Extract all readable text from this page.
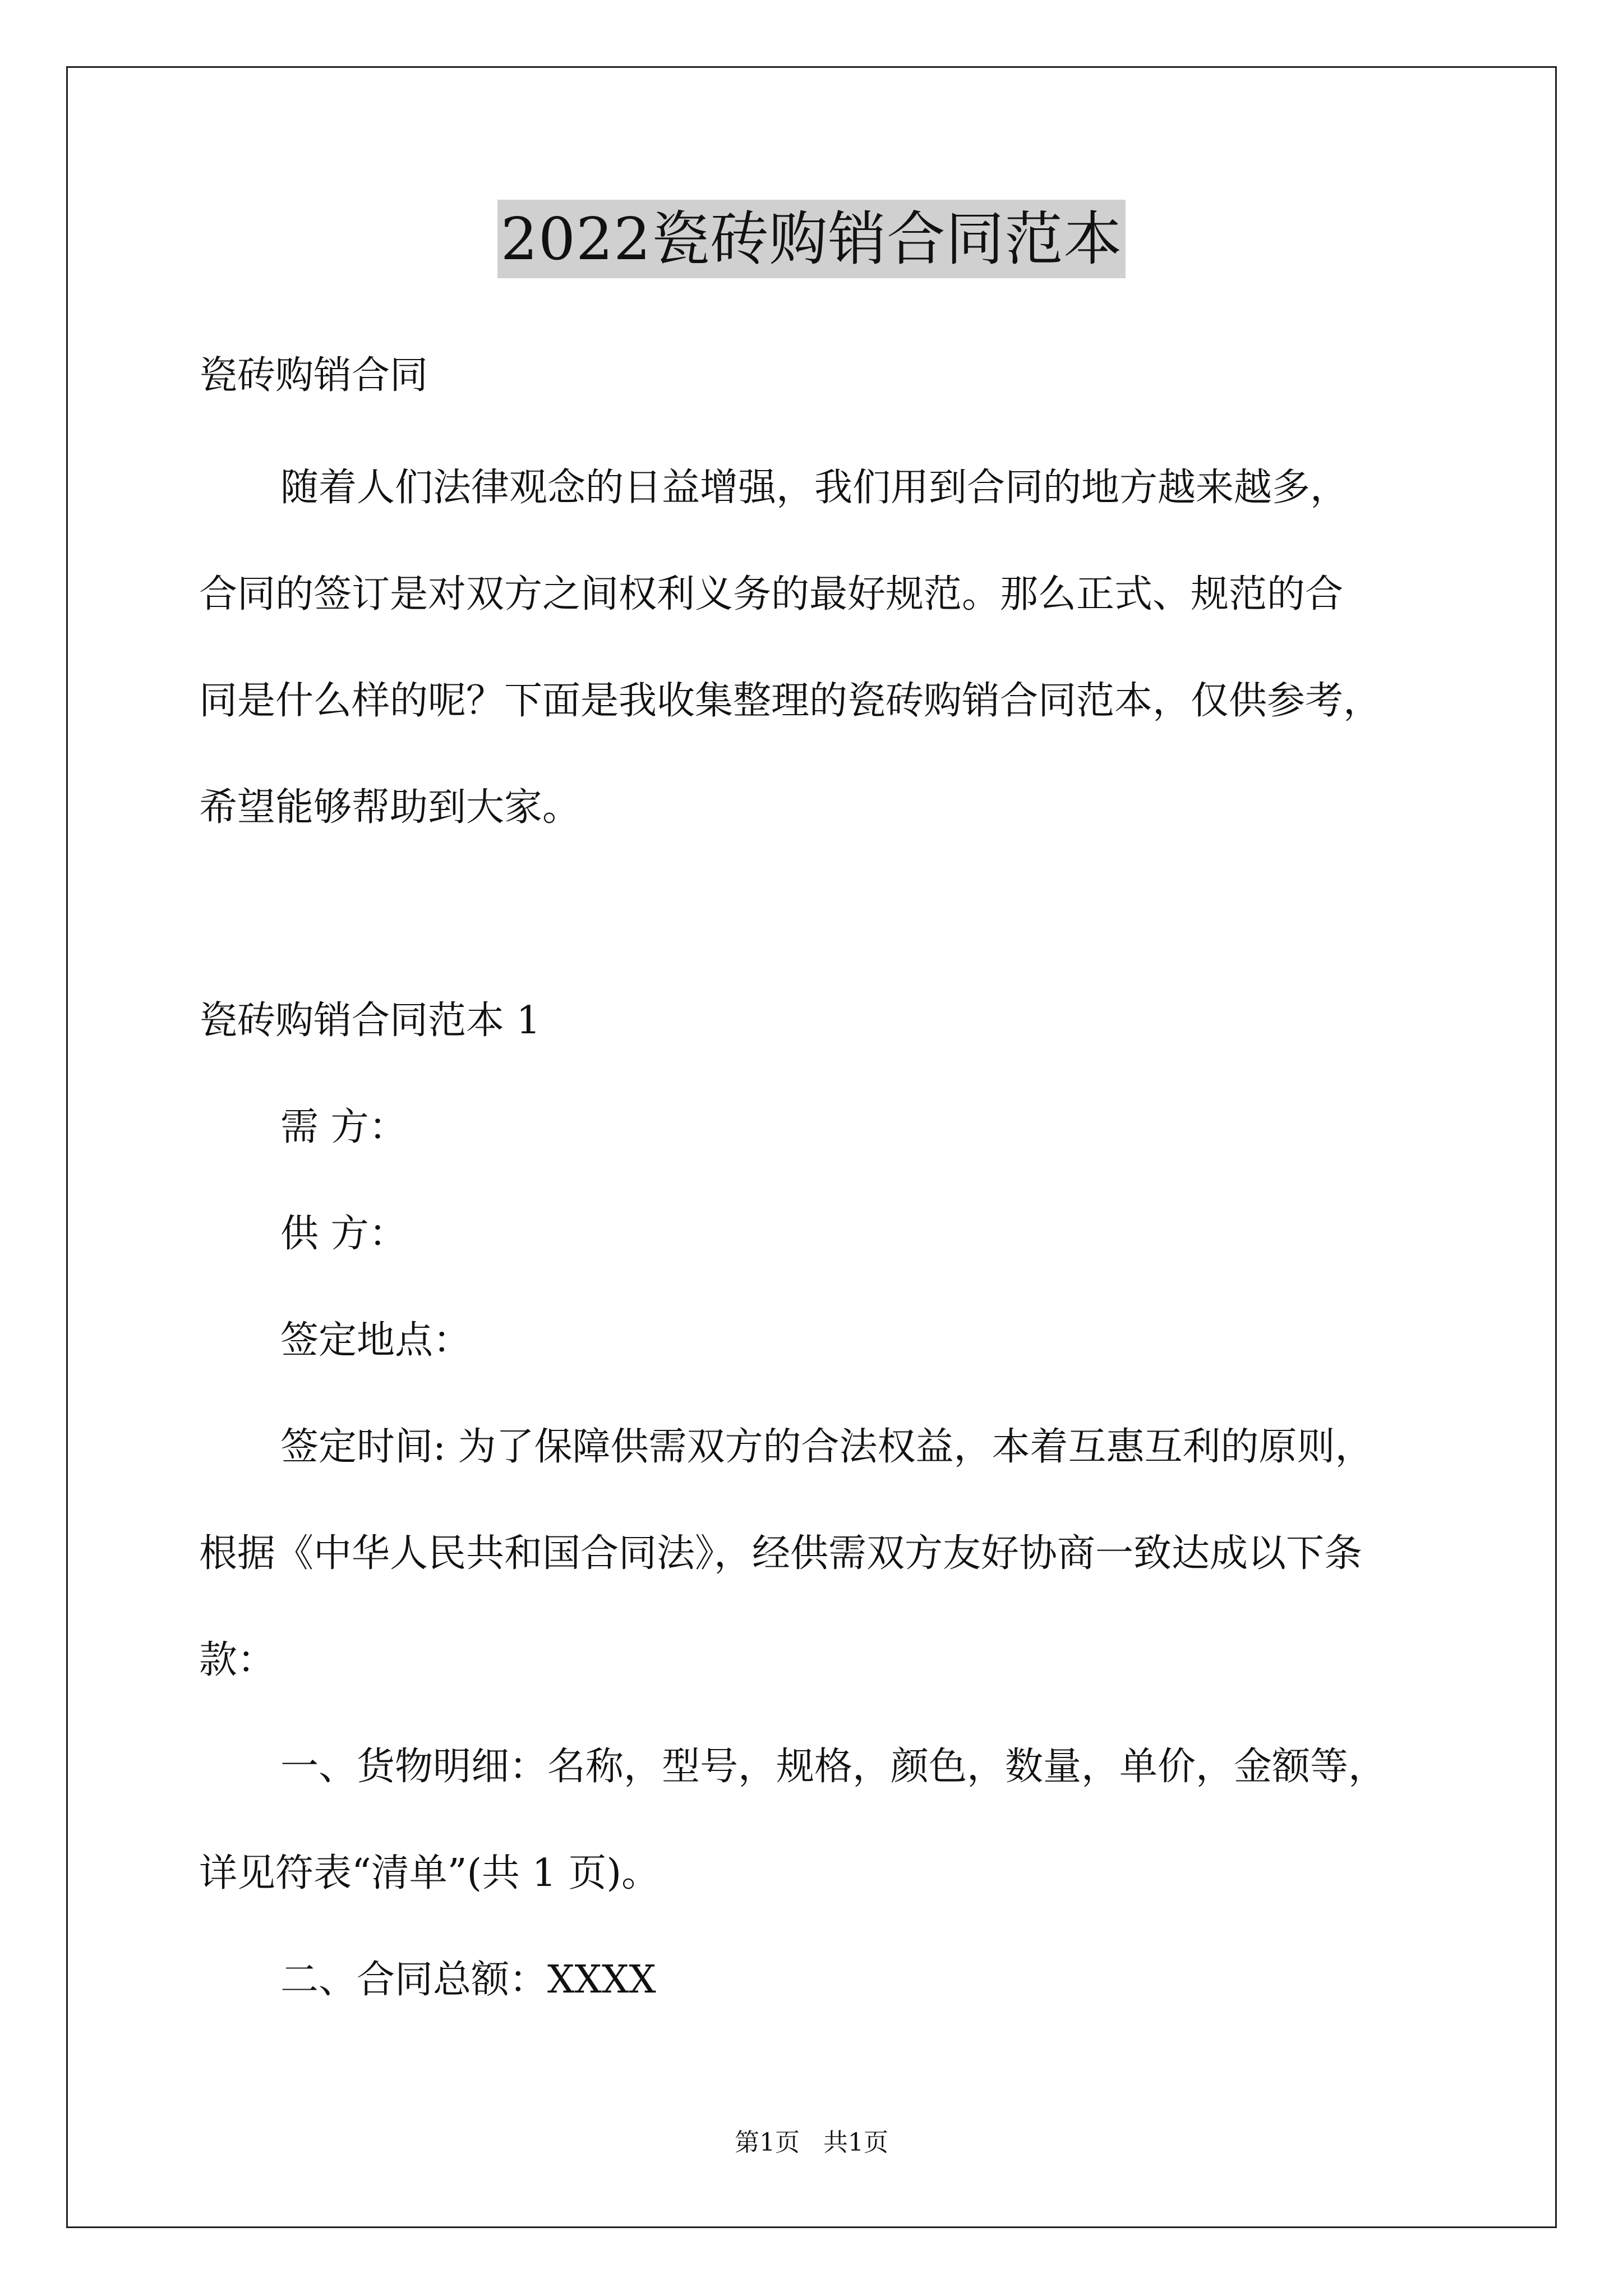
2022瓷砖购销合同范本
瓷砖购销合同
随着人们法律观念的日益增强，我们用到合同的地方越来越多，
合同的签订是对双方之间权利义务的最好规范。那么正式、规范的合
同是什么样的呢？下面是我收集整理的瓷砖购销合同范本，仅供参考，
希望能够帮助到大家。
瓷砖购销合同范本 1
需 方：
供 方：
签定地点：
签定时间: 为了保障供需双方的合法权益，本着互惠互利的原则，
根据《中华人民共和国合同法》，经供需双方友好协商一致达成以下条
款：
一、货物明细：名称，型号，规格，颜色，数量，单价，金额等，
详见符表“清单”(共 1 页)。
二、合同总额：XXXX
第1页   共1页
